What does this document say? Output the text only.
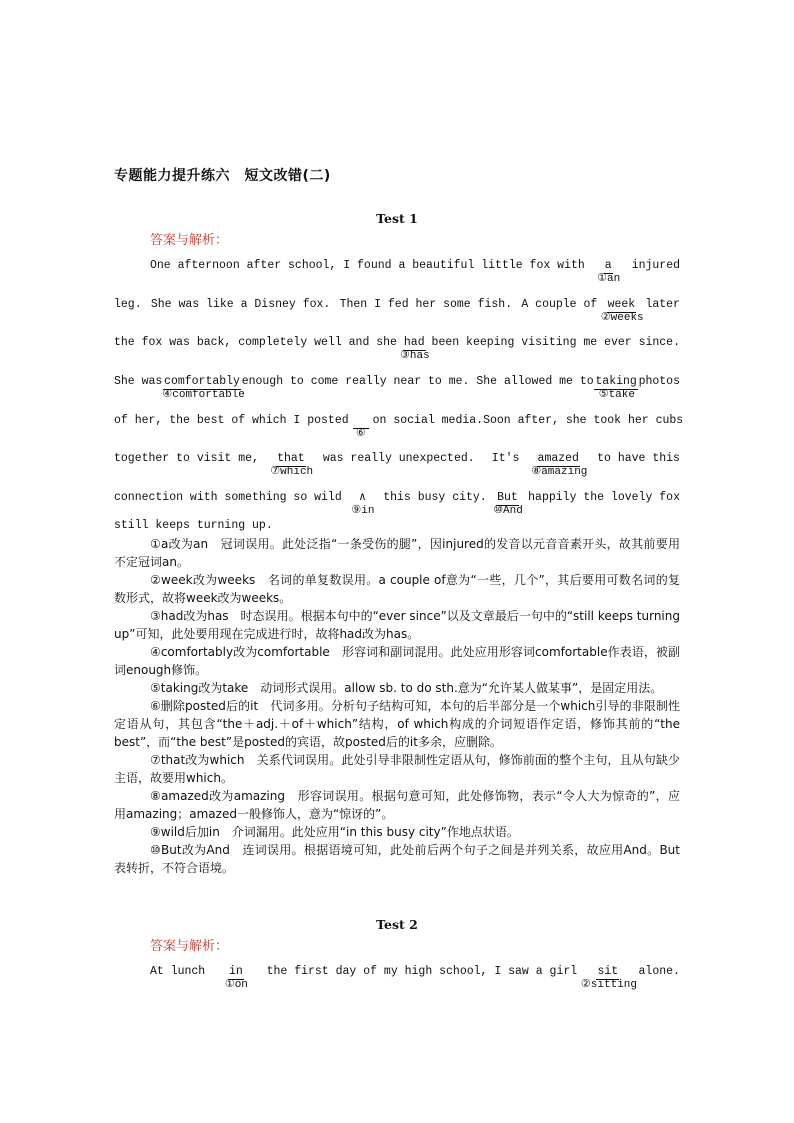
专题能力提升练六　短文改错(二)
Test 1
答案与解析：
One afternoon after school, I found a beautiful little fox with	a
①an
injured
leg. She was like a Disney fox. Then I fed her some fish. A couple of week
②weeks
later
the fox was back, completely well and she had
③has
been keeping visiting me ever since.
She was comfortably
④comfortable
enough to come really near to me. She allowed me to taking
⑤take
photos
of her, the best of which I posted
⑥
on social media. Soon after, she took her cubs
together to visit me, that
⑦which
was really unexpected. It's amazed
⑧amazing
to have this
connection with something so wild	∧
⑨in
this busy city. But
⑩And
happily the lovely fox
still keeps turning up.

①a改为an　冠词误用。此处泛指“一条受伤的腿”，因injured的发音以元音音素开头，故其前要用不定冠词an。

②week改为weeks　名词的单复数误用。a couple of意为“一些，几个”，其后要用可数名词的复数形式，故将week改为weeks。

③had改为has　时态误用。根据本句中的“ever since”以及文章最后一句中的“still keeps turning up”可知，此处要用现在完成进行时，故将had改为has。

④comfortably改为comfortable　形容词和副词混用。此处应用形容词comfortable作表语，被副词enough修饰。

⑤taking改为take　动词形式误用。allow sb. to do sth.意为“允许某人做某事”，是固定用法。

⑥删除posted后的it　代词多用。分析句子结构可知，本句的后半部分是一个which引导的非限制性定语从句，其包含“the＋adj.＋of＋which”结构，of which构成的介词短语作定语，修饰其前的“the best”，而“the best”是posted的宾语，故posted后的it多余，应删除。

⑦that改为which　关系代词误用。此处引导非限制性定语从句，修饰前面的整个主句，且从句缺少主语，故要用which。

⑧amazed改为amazing　形容词误用。根据句意可知，此处修饰物，表示“令人大为惊奇的”，应用amazing；amazed一般修饰人，意为“惊讶的”。

⑨wild后加in　介词漏用。此处应用“in this busy city”作地点状语。

⑩But改为And　连词误用。根据语境可知，此处前后两个句子之间是并列关系，故应用And。But表转折，不符合语境。

Test 2
答案与解析：
At lunch	in
①on
the first day of my high school, I saw a girl sit
②sitting
alone.
